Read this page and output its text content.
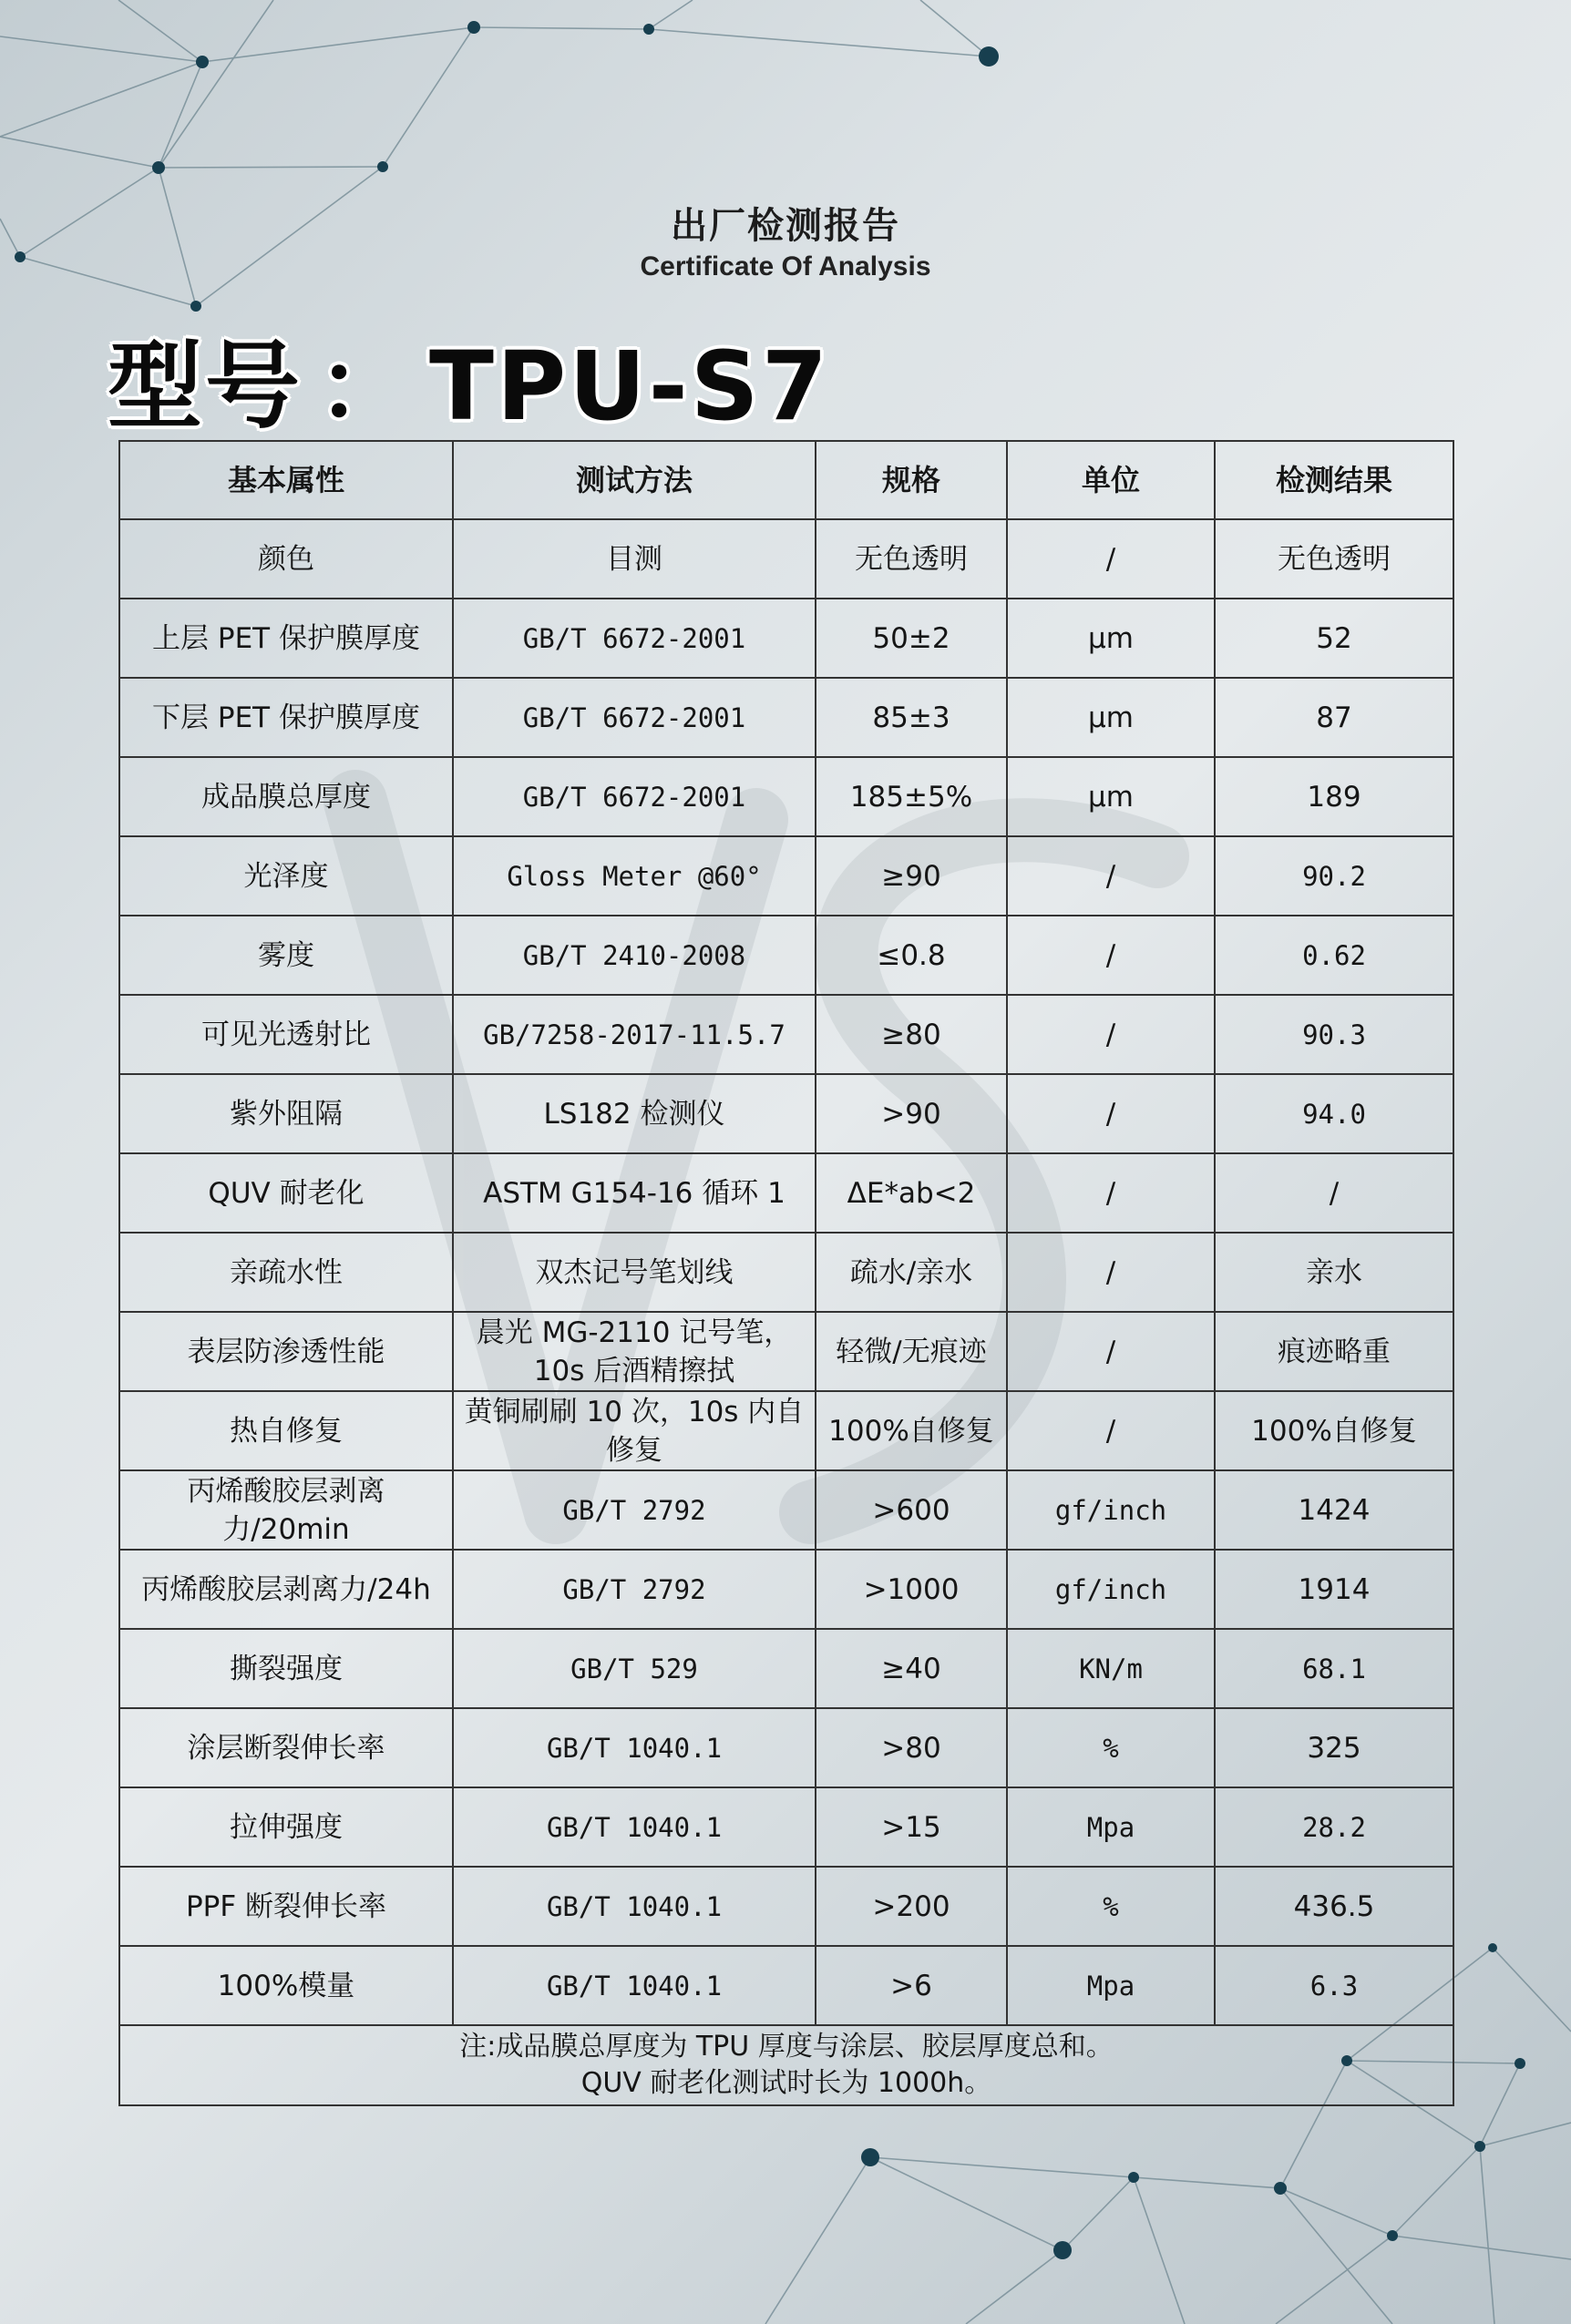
出厂检测报告
Certificate Of Analysis
型号 ： TPU-S7
基本属性	测试方法	规格	单位	检测结果
颜色	目测	无色透明	/	无色透明
上层 PET 保护膜厚度	GB/T 6672-2001	50±2	μm	52
下层 PET 保护膜厚度	GB/T 6672-2001	85±3	μm	87
成品膜总厚度	GB/T 6672-2001	185±5%	μm	189
光泽度	Gloss Meter @60°	≥90	/	90.2
雾度	GB/T 2410-2008	≤0.8	/	0.62
可见光透射比	GB/7258-2017-11.5.7	≥80	/	90.3
紫外阻隔	LS182 检测仪	>90	/	94.0
QUV 耐老化	ASTM G154-16 循环 1	ΔE*ab<2	/	/
亲疏水性	双杰记号笔划线	疏水/亲水	/	亲水
表层防渗透性能	晨光 MG-2110 记号笔，10s 后酒精擦拭	轻微/无痕迹	/	痕迹略重
热自修复	黄铜刷刷 10 次，10s 内自修复	100%自修复	/	100%自修复
丙烯酸胶层剥离力/20min	GB/T 2792	>600	gf/inch	1424
丙烯酸胶层剥离力/24h	GB/T 2792	>1000	gf/inch	1914
撕裂强度	GB/T 529	≥40	KN/m	68.1
涂层断裂伸长率	GB/T 1040.1	>80	%	325
拉伸强度	GB/T 1040.1	>15	Mpa	28.2
PPF 断裂伸长率	GB/T 1040.1	>200	%	436.5
100%模量	GB/T 1040.1	>6	Mpa	6.3

注:成品膜总厚度为 TPU 厚度与涂层、胶层厚度总和。
QUV 耐老化测试时长为 1000h。				
